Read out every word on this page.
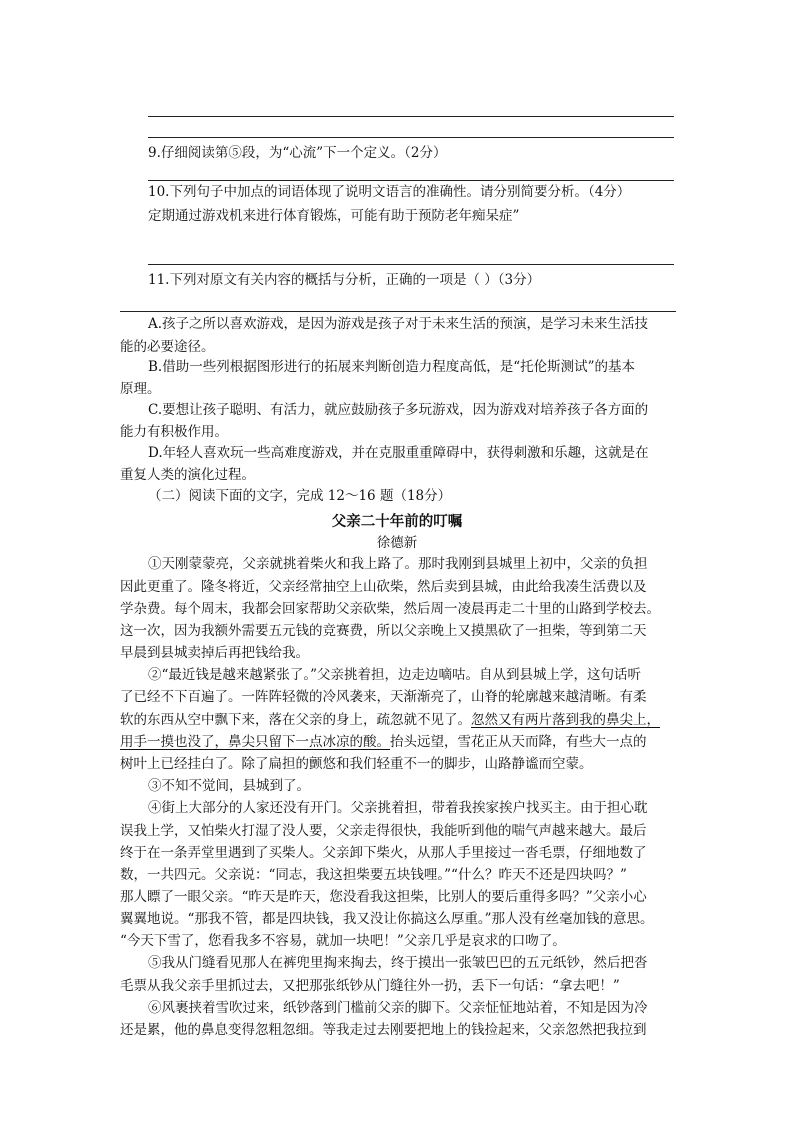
9.仔细阅读第⑤段，为“心流”下一个定义。（2分）
10.下列句子中加点的词语体现了说明文语言的准确性。请分别简要分析。（4分）
定期通过游戏机来进行体育锻炼，可能有助于预防老年痴呆症”
11.下列对原文有关内容的概括与分析，正确的一项是（ ）（3分）
A.孩子之所以喜欢游戏，是因为游戏是孩子对于未来生活的预演，是学习未来生活技
能的必要途径。
B.借助一些列根据图形进行的拓展来判断创造力程度高低，是“托伦斯测试”的基本
原理。
C.要想让孩子聪明、有活力，就应鼓励孩子多玩游戏，因为游戏对培养孩子各方面的
能力有积极作用。
D.年轻人喜欢玩一些高难度游戏，并在克服重重障碍中，获得刺激和乐趣，这就是在
重复人类的演化过程。
（二）阅读下面的文字，完成 12～16 题（18分）
父亲二十年前的叮嘱
徐德新
①天刚蒙蒙亮，父亲就挑着柴火和我上路了。那时我刚到县城里上初中，父亲的负担
因此更重了。隆冬将近，父亲经常抽空上山砍柴，然后卖到县城，由此给我凑生活费以及
学杂费。每个周末，我都会回家帮助父亲砍柴，然后周一凌晨再走二十里的山路到学校去。
这一次，因为我额外需要五元钱的竞赛费，所以父亲晚上又摸黑砍了一担柴，等到第二天
早晨到县城卖掉后再把钱给我。
②“最近钱是越来越紧张了。”父亲挑着担，边走边嘀咕。自从到县城上学，这句话听
了已经不下百遍了。一阵阵轻微的冷风袭来，天渐渐亮了，山脊的轮廓越来越清晰。有柔
软的东西从空中飘下来，落在父亲的身上，疏忽就不见了。忽然又有两片落到我的鼻尖上，
用手一摸也没了，鼻尖只留下一点冰凉的酸。抬头远望，雪花正从天而降，有些大一点的
树叶上已经挂白了。除了扁担的颤悠和我们轻重不一的脚步，山路静谧而空蒙。
③不知不觉间，县城到了。
④街上大部分的人家还没有开门。父亲挑着担，带着我挨家挨户找买主。由于担心耽
误我上学，又怕柴火打湿了没人要，父亲走得很快，我能听到他的喘气声越来越大。最后
终于在一条弄堂里遇到了买柴人。父亲卸下柴火，从那人手里接过一沓毛票，仔细地数了
数，一共四元。父亲说：“同志，我这担柴要五块钱哩。”“什么？昨天不还是四块吗？”
那人瞟了一眼父亲。“昨天是昨天，您没看我这担柴，比别人的要后重得多吗？”父亲小心
翼翼地说。“那我不管，都是四块钱，我又没让你搞这么厚重。”那人没有丝毫加钱的意思。
“今天下雪了，您看我多不容易，就加一块吧！”父亲几乎是哀求的口吻了。
⑤我从门缝看见那人在裤兜里掏来掏去，终于摸出一张皱巴巴的五元纸钞，然后把沓
毛票从我父亲手里抓过去，又把那张纸钞从门缝往外一扔，丢下一句话：“拿去吧！”
⑥风裹挟着雪吹过来，纸钞落到门槛前父亲的脚下。父亲怔怔地站着，不知是因为冷
还是累，他的鼻息变得忽粗忽细。等我走过去刚要把地上的钱捡起来，父亲忽然把我拉到
